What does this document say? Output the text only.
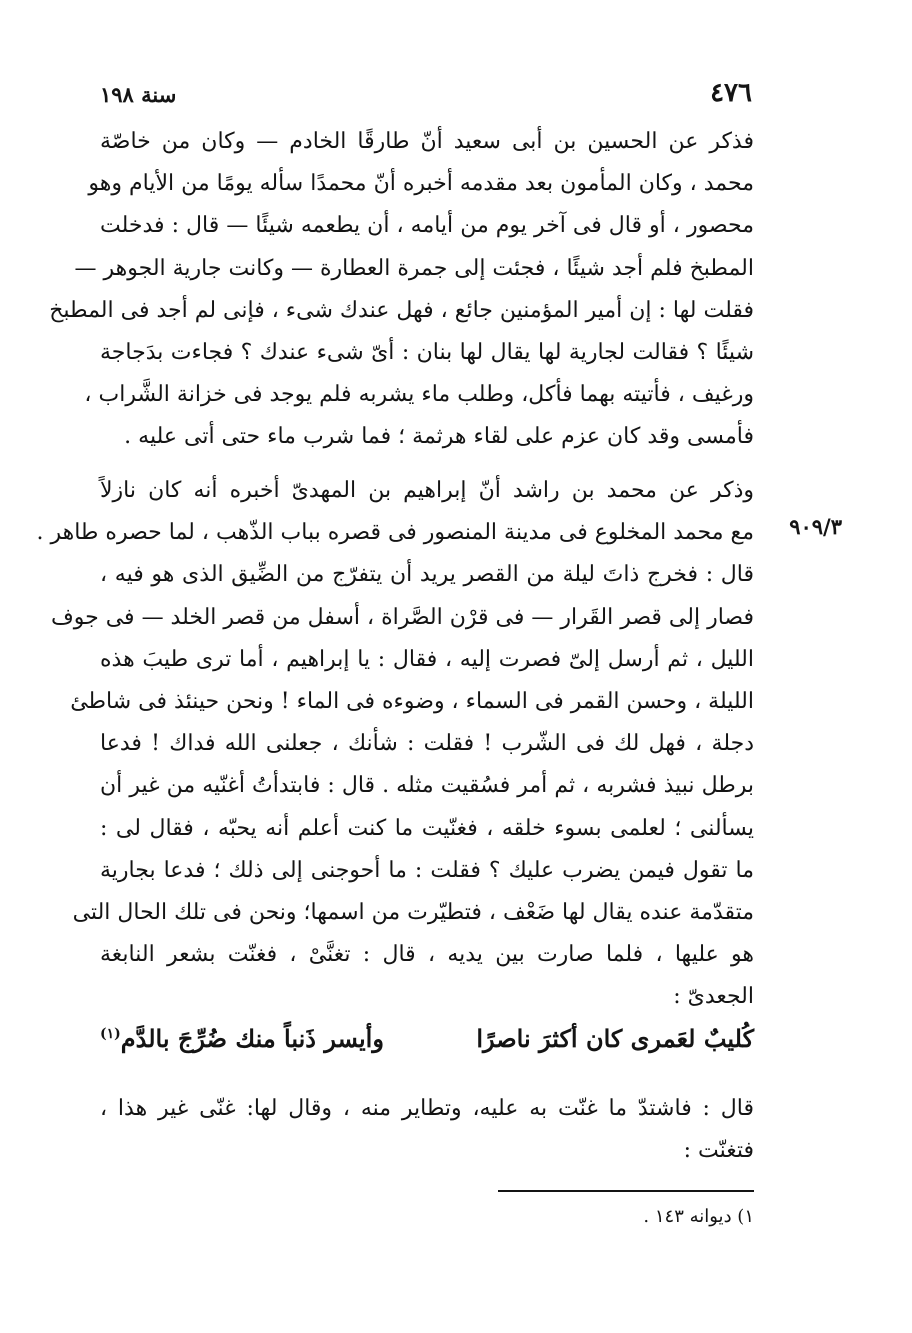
٤٧٦
سنة ١٩٨
فذكر عن الحسين بن أبى سعيد أنّ طارقًا الخادم — وكان من خاصّة
محمد ، وكان المأمون بعد مقدمه أخبره أنّ محمدًا سأله يومًا من الأيام وهو
محصور ، أو قال فى آخر يوم من أيامه ، أن يطعمه شيئًا — قال : فدخلت
المطبخ فلم أجد شيئًا ، فجئت إلى جمرة العطارة — وكانت جارية الجوهر —
فقلت لها : إن أمير المؤمنين جائع ، فهل عندك شىء ، فإنى لم أجد فى المطبخ
شيئًا ؟ فقالت لجارية لها يقال لها بنان : أىّ شىء عندك ؟ فجاءت بدَجاجة
ورغيف ، فأتيته بهما فأكل، وطلب ماء يشربه فلم يوجد فى خزانة الشَّراب ،
فأمسى وقد كان عزم على لقاء هرثمة ؛ فما شرب ماء حتى أتى عليه .
٩٠٩/٣
وذكر عن محمد بن راشد أنّ إبراهيم بن المهدىّ أخبره أنه كان نازلاً
مع محمد المخلوع فى مدينة المنصور فى قصره بباب الذّهب ، لما حصره طاهر .
قال : فخرج ذاتَ ليلة من القصر يريد أن يتفرّج من الضِّيق الذى هو فيه ،
فصار إلى قصر القَرار — فى قرْن الصَّراة ، أسفل من قصر الخلد — فى جوف
الليل ، ثم أرسل إلىّ فصرت إليه ، فقال : يا إبراهيم ، أما ترى طيبَ هذه
الليلة ، وحسن القمر فى السماء ، وضوءه فى الماء ! ونحن حينئذ فى شاطئ
دجلة ، فهل لك فى الشّرب ! فقلت : شأنك ، جعلنى الله فداك ! فدعا
برطل نبيذ فشربه ، ثم أمر فسُقيت مثله . قال : فابتدأتُ أغنّيه من غير أن
يسألنى ؛ لعلمى بسوء خلقه ، فغنّيت ما كنت أعلم أنه يحبّه ، فقال لى :
ما تقول فيمن يضرب عليك ؟ فقلت : ما أحوجنى إلى ذلك ؛ فدعا بجارية
متقدّمة عنده يقال لها ضَعْف ، فتطيّرت من اسمها؛ ونحن فى تلك الحال التى
هو عليها ، فلما صارت بين يديه ، قال : تغنَّىْ ، فغنّت بشعر النابغة
الجعدىّ :
كُليبٌ لعَمرى كان أكثرَ ناصرًا
وأيسر ذَنباً منك ضُرِّجَ بالدَّم$^{(١)}$
قال : فاشتدّ ما غنّت به عليه، وتطاير منه ، وقال لها: غنّى غير هذا ،
فتغنّت :
١) ديوانه ١٤٣ .
